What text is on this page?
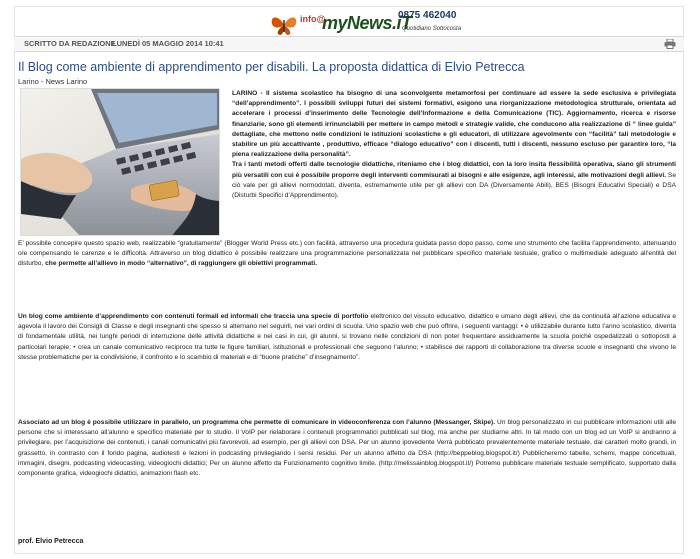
info@
myNews.iT
0875 462040
Quotidiano Sottocosta
SCRITTO DA REDAZIONE
LUNEDÌ 05 MAGGIO 2014 10:41
Il Blog come ambiente di apprendimento per disabili. La proposta didattica di Elvio Petrecca
Larino - News Larino
LARINO - Il sistema scolastico ha bisogno di una sconvolgente metamorfosi per continuare ad essere la sede esclusiva e privilegiata “dell’apprendimento”. I possibili sviluppi futuri dei sistemi formativi, esigono una riorganizzazione metodologica strutturale, orientata ad accelerare i processi d’inserimento delle Tecnologie dell’Informazione e della Comunicazione (TIC). Aggiornamento, ricerca e risorse finanziarie, sono gli elementi irrinunciabili per mettere in campo metodi e strategie valide, che conducono alla realizzazione di “ linee guida” dettagliate, che mettono nelle condizioni le istituzioni scolastiche e gli educatori, di utilizzare agevolmente con “facilità” tali metodologie e stabilire un più accattivante , produttivo, efficace “dialogo educativo” con i discenti, tutti i discenti, nessuno escluso per garantire loro, “la piena realizzazione della personalità”.
Tra i tanti metodi offerti dalle tecnologie didattiche, riteniamo che i blog didattici, con la loro insita flessibilità operativa, siano gli strumenti più versatili con cui è possibile proporre degli interventi commisurati ai bisogni e alle esigenze, agli interessi, alle motivazioni degli allievi. Se ciò vale per gli allievi normodotati, diventa, estremamente utile per gli allievi con DA (Diversamente Abili), BES (Bisogni Educativi Speciali) e DSA (Disturbi Specifici d’Apprendimento).
E’ possibile concepire questo spazio web, realizzabile “gratuitamente” (Blogger World Press etc.) con facilità, attraverso una procedura guidata passo dopo passo, come uno strumento che facilita l’apprendimento, attenuando o/e compensando le carenze e le difficoltà. Attraverso un blog didattico è possibile realizzare una programmazione personalizzata nel pubblicare specifico materiale testuale, grafico o multimediale adeguato all’entità del disturbo, che permette all’allievo in modo “alternativo”, di raggiungere gli obiettivi programmati.
Un blog come ambiente d’apprendimento con contenuti formali ed informali che traccia una specie di portfolio elettronico del vissuto educativo, didattico e umano degli allievi, che da continuità all’azione educativa e agevola il lavoro dei Consigli di Classe e degli insegnanti che spesso si alternano nel seguirli, nei vari ordini di scuola. Uno spazio web che può offrire, i seguenti vantaggi: • è utilizzabile durante tutto l’anno scolastico, diventa di fondamentale utilità, nei lunghi periodi di interruzione delle attività didattiche e nei casi in cui, gli alunni, si trovano nelle condizioni di non poter frequentare assiduamente la scuola poiché ospedalizzati o sottoposti a particolari terapie; • crea un canale comunicativo reciproco tra tutte le figure familiari, istituzionali e professionali che seguono l’alunno; • stabilisce dei rapporti di collaborazione tra diverse scuole e insegnanti che vivono le stesse problematiche per la condivisione, il confronto e lo scambio di materiali e di “buone pratiche” d’insegnamento”.
Associato ad un blog è possibile utilizzare in parallelo, un programma che permette di comunicare in videoconferenza con l’alunno (Messanger, Skipe). Un blog personalizzato in cui pubblicare informazioni utili alle persone che si interessano all’alunno e specifico materiale per lo studio. Il VoIP per rielaborare i contenuti programmatici pubblicati sul blog, ma anche per studiarne altri. In tal modo con un blog ed un VoIP si andranno a privilegiare, per l’acquisizione dei contenuti, i canali comunicativi più favorevoli, ad esempio, per gli allievi con DSA. Per un alunno ipovedente Verrà pubblicato prevalentemente materiale testuale, dai caratteri molto grandi, in grassetto, in contrasto con il fondo pagina, audiotesti e lezioni in podcasting privilegiando i sensi residui. Per un alunno affetto da DSA (http://beppeblog.blogspot.it/) Pubblicheremo tabelle, schemi, mappe concettuali, immagini, disegni, podcasting videocasting, videogiochi didattici; Per un alunno affetto da Funzionamento cognitivo limite. (http://melissainblog.blogspot.it/) Potremo pubblicare materiale testuale semplificato, supportato dalla componente grafica, videogiochi didattici, animazioni flash etc.
prof. Elvio Petrecca
